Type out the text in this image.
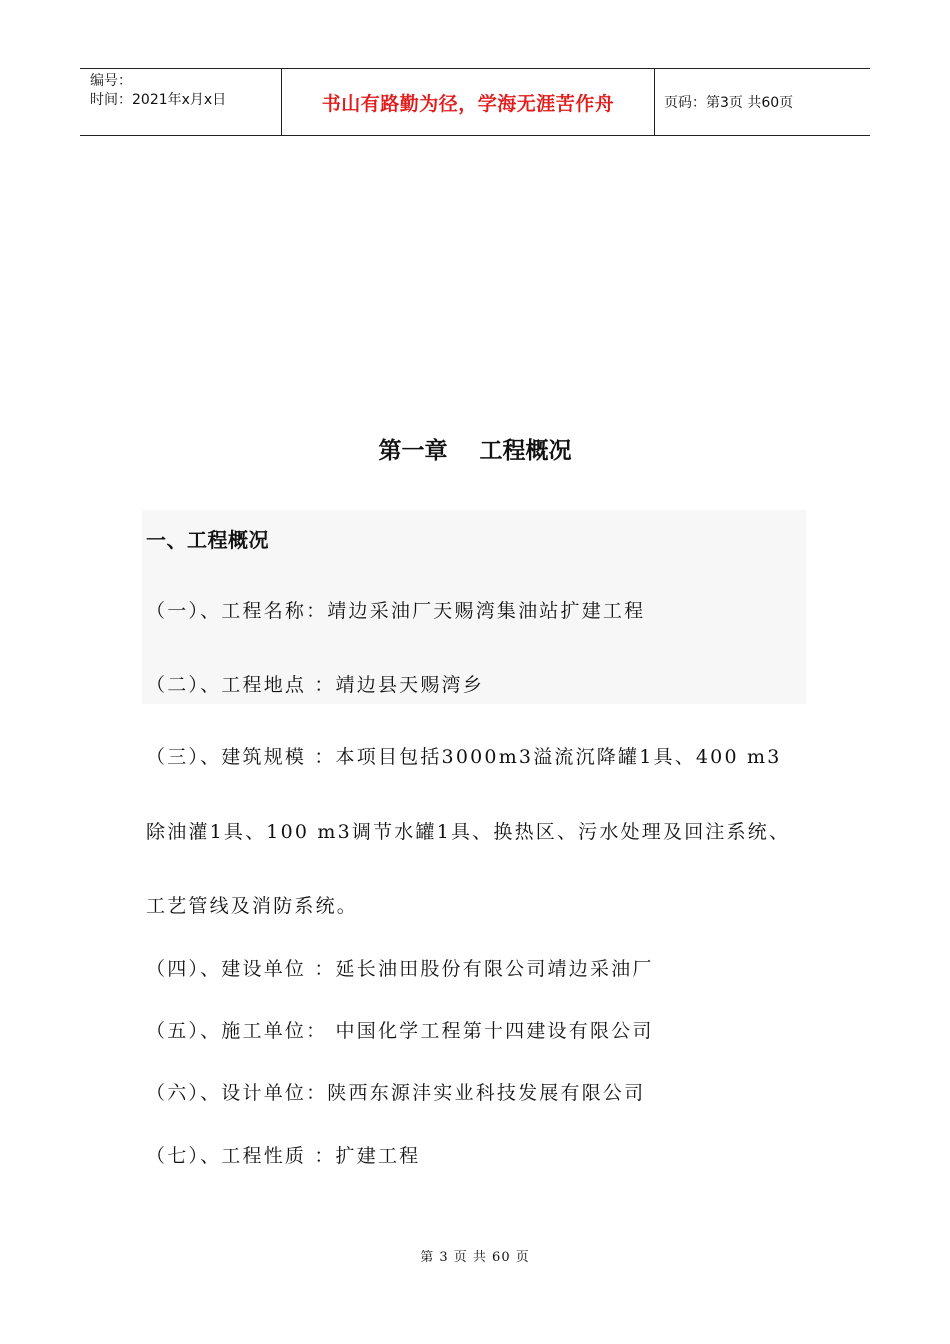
编号：
时间：2021年x月x日	书山有路勤为径，学海无涯苦作舟	页码：第3页 共60页
第一章 工程概况
一、工程概况
（一）、工程名称：靖边采油厂天赐湾集油站扩建工程
（二）、工程地点 ：靖边县天赐湾乡
（三）、建筑规模 ：本项目包括3000m3溢流沉降罐1具、400 m3
除油灌1具、100 m3调节水罐1具、换热区、污水处理及回注系统、
工艺管线及消防系统。
（四）、建设单位 ：延长油田股份有限公司靖边采油厂
（五）、施工单位： 中国化学工程第十四建设有限公司
（六）、设计单位：陕西东源沣实业科技发展有限公司
（七）、工程性质 ：扩建工程
第 3 页 共 60 页
